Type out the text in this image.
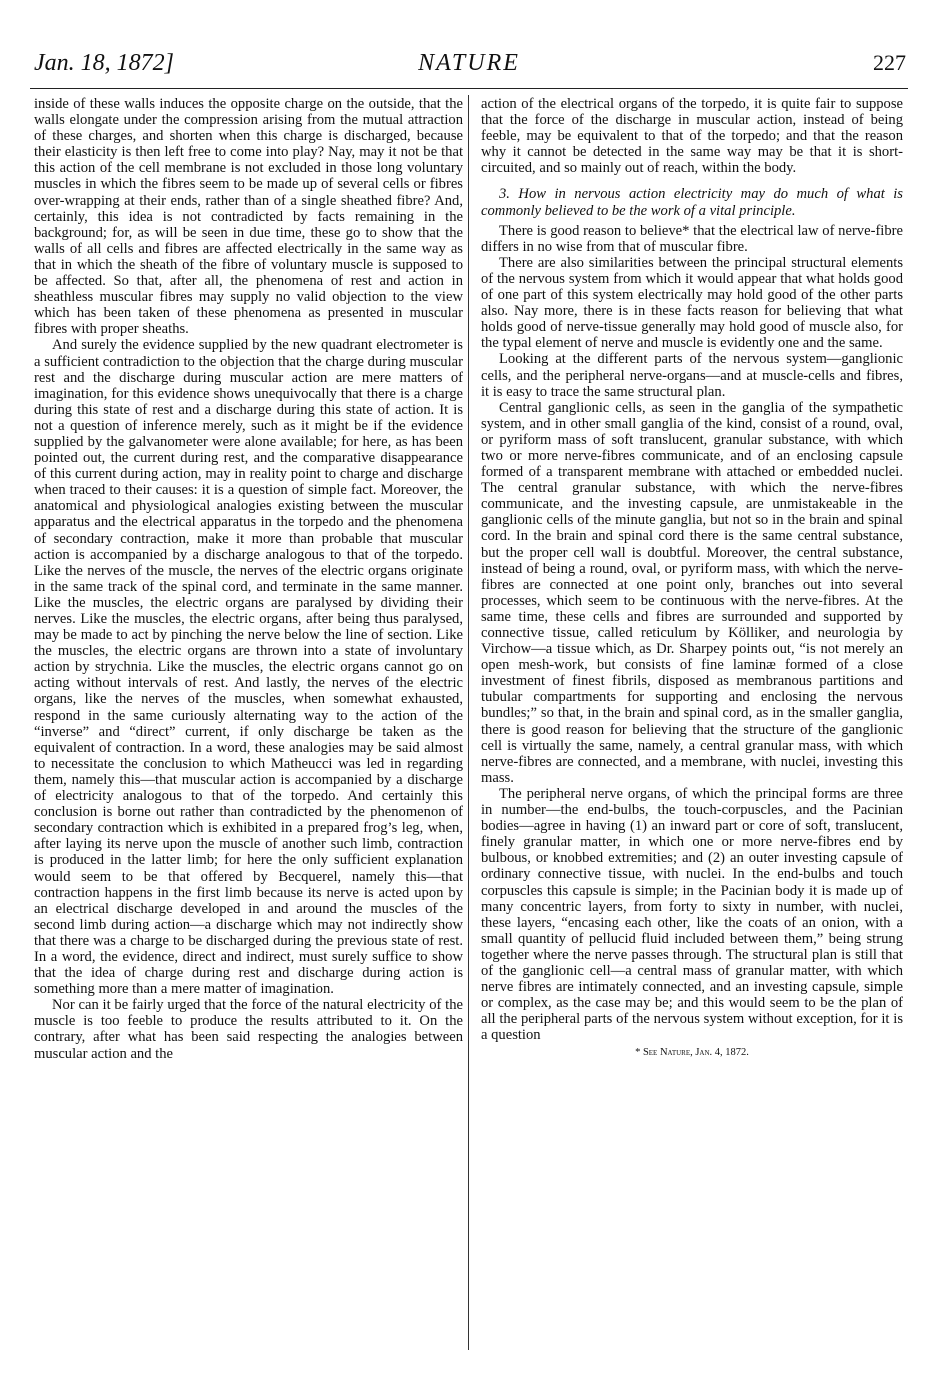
Jan. 18, 1872]	NATURE	227

inside of these walls induces the opposite charge on the outside, that the walls elongate under the compression arising from the mutual attraction of these charges, and shorten when this charge is discharged, because their elasticity is then left free to come into play? Nay, may it not be that this action of the cell membrane is not excluded in those long voluntary muscles in which the fibres seem to be made up of several cells or fibres over-wrapping at their ends, rather than of a single sheathed fibre? And, certainly, this idea is not contradicted by facts remaining in the background; for, as will be seen in due time, these go to show that the walls of all cells and fibres are affected electrically in the same way as that in which the sheath of the fibre of voluntary muscle is supposed to be affected. So that, after all, the phenomena of rest and action in sheathless muscular fibres may supply no valid objection to the view which has been taken of these phenomena as presented in muscular fibres with proper sheaths.

And surely the evidence supplied by the new quadrant electrometer is a sufficient contradiction to the objection that the charge during muscular rest and the discharge during muscular action are mere matters of imagination, for this evidence shows unequivocally that there is a charge during this state of rest and a discharge during this state of action. It is not a question of inference merely, such as it might be if the evidence supplied by the galvanometer were alone available; for here, as has been pointed out, the current during rest, and the comparative disappearance of this current during action, may in reality point to charge and discharge when traced to their causes: it is a question of simple fact. Moreover, the anatomical and physiological analogies existing between the muscular apparatus and the electrical apparatus in the torpedo and the phenomena of secondary contraction, make it more than probable that muscular action is accompanied by a discharge analogous to that of the torpedo. Like the nerves of the muscle, the nerves of the electric organs originate in the same track of the spinal cord, and terminate in the same manner. Like the muscles, the electric organs are paralysed by dividing their nerves. Like the muscles, the electric organs, after being thus paralysed, may be made to act by pinching the nerve below the line of section. Like the muscles, the electric organs are thrown into a state of involuntary action by strychnia. Like the muscles, the electric organs cannot go on acting without intervals of rest. And lastly, the nerves of the electric organs, like the nerves of the muscles, when somewhat exhausted, respond in the same curiously alternating way to the action of the “inverse” and “direct” current, if only discharge be taken as the equivalent of contraction. In a word, these analogies may be said almost to necessitate the conclusion to which Matheucci was led in regarding them, namely this—that muscular action is accompanied by a discharge of electricity analogous to that of the torpedo. And certainly this conclusion is borne out rather than contradicted by the phenomenon of secondary contraction which is exhibited in a prepared frog’s leg, when, after laying its nerve upon the muscle of another such limb, contraction is produced in the latter limb; for here the only sufficient explanation would seem to be that offered by Becquerel, namely this—that contraction happens in the first limb because its nerve is acted upon by an electrical discharge developed in and around the muscles of the second limb during action—a discharge which may not indirectly show that there was a charge to be discharged during the previous state of rest. In a word, the evidence, direct and indirect, must surely suffice to show that the idea of charge during rest and discharge during action is something more than a mere matter of imagination.

Nor can it be fairly urged that the force of the natural electricity of the muscle is too feeble to produce the results attributed to it. On the contrary, after what has been said respecting the analogies between muscular action and the

action of the electrical organs of the torpedo, it is quite fair to suppose that the force of the discharge in muscular action, instead of being feeble, may be equivalent to that of the torpedo; and that the reason why it cannot be detected in the same way may be that it is short-circuited, and so mainly out of reach, within the body.

3. How in nervous action electricity may do much of what is commonly believed to be the work of a vital principle.

There is good reason to believe* that the electrical law of nerve-fibre differs in no wise from that of muscular fibre.

There are also similarities between the principal structural elements of the nervous system from which it would appear that what holds good of one part of this system electrically may hold good of the other parts also. Nay more, there is in these facts reason for believing that what holds good of nerve-tissue generally may hold good of muscle also, for the typal element of nerve and muscle is evidently one and the same.

Looking at the different parts of the nervous system—ganglionic cells, and the peripheral nerve-organs—and at muscle-cells and fibres, it is easy to trace the same structural plan.

Central ganglionic cells, as seen in the ganglia of the sympathetic system, and in other small ganglia of the kind, consist of a round, oval, or pyriform mass of soft translucent, granular substance, with which two or more nerve-fibres communicate, and of an enclosing capsule formed of a transparent membrane with attached or embedded nuclei. The central granular substance, with which the nerve-fibres communicate, and the investing capsule, are unmistakeable in the ganglionic cells of the minute ganglia, but not so in the brain and spinal cord. In the brain and spinal cord there is the same central substance, but the proper cell wall is doubtful. Moreover, the central substance, instead of being a round, oval, or pyriform mass, with which the nerve-fibres are connected at one point only, branches out into several processes, which seem to be continuous with the nerve-fibres. At the same time, these cells and fibres are surrounded and supported by connective tissue, called reticulum by Kölliker, and neurologia by Virchow—a tissue which, as Dr. Sharpey points out, “is not merely an open mesh-work, but consists of fine laminæ formed of a close investment of finest fibrils, disposed as membranous partitions and tubular compartments for supporting and enclosing the nervous bundles;” so that, in the brain and spinal cord, as in the smaller ganglia, there is good reason for believing that the structure of the ganglionic cell is virtually the same, namely, a central granular mass, with which nerve-fibres are connected, and a membrane, with nuclei, investing this mass.

The peripheral nerve organs, of which the principal forms are three in number—the end-bulbs, the touch-corpuscles, and the Pacinian bodies—agree in having (1) an inward part or core of soft, translucent, finely granular matter, in which one or more nerve-fibres end by bulbous, or knobbed extremities; and (2) an outer investing capsule of ordinary connective tissue, with nuclei. In the end-bulbs and touch corpuscles this capsule is simple; in the Pacinian body it is made up of many concentric layers, from forty to sixty in number, with nuclei, these layers, “encasing each other, like the coats of an onion, with a small quantity of pellucid fluid included between them,” being strung together where the nerve passes through. The structural plan is still that of the ganglionic cell—a central mass of granular matter, with which nerve fibres are intimately connected, and an investing capsule, simple or complex, as the case may be; and this would seem to be the plan of all the peripheral parts of the nervous system without exception, for it is a question

* See Nature, Jan. 4, 1872.
